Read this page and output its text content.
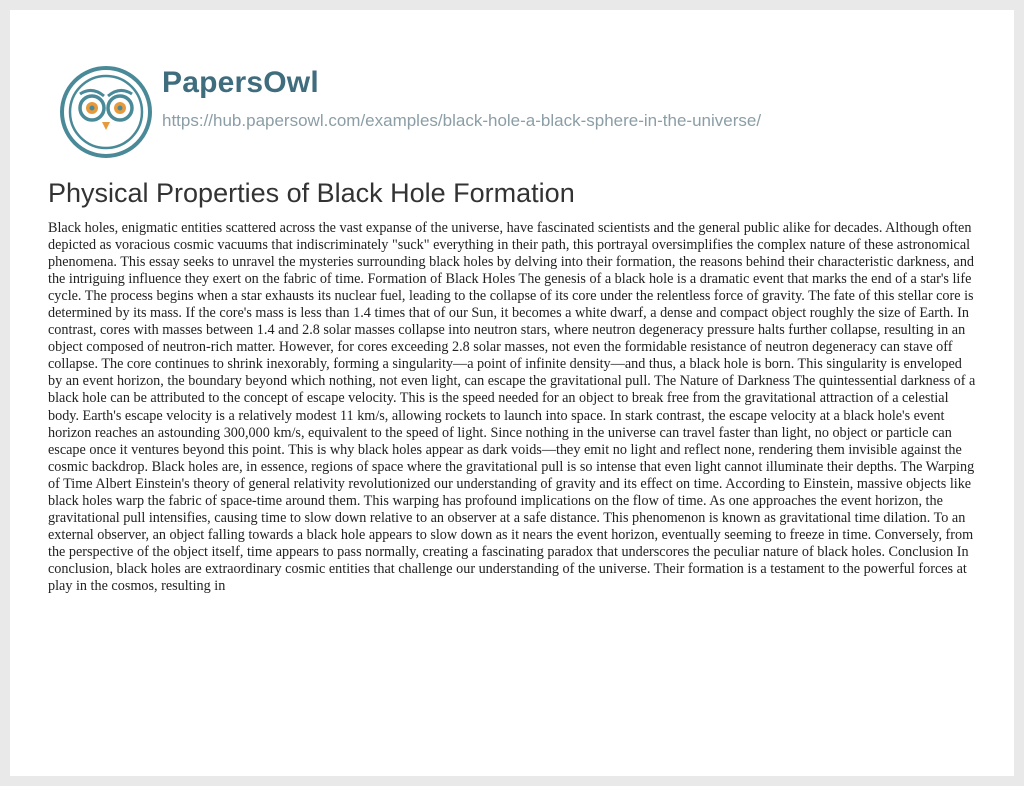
PapersOwl
https://hub.papersowl.com/examples/black-hole-a-black-sphere-in-the-universe/
Physical Properties of Black Hole Formation

Black holes, enigmatic entities scattered across the vast expanse of the universe, have fascinated scientists and the general public alike for decades. Although often depicted as voracious cosmic vacuums that indiscriminately "suck" everything in their path, this portrayal oversimplifies the complex nature of these astronomical phenomena. This essay seeks to unravel the mysteries surrounding black holes by delving into their formation, the reasons behind their characteristic darkness, and the intriguing influence they exert on the fabric of time. Formation of Black Holes The genesis of a black hole is a dramatic event that marks the end of a star's life cycle. The process begins when a star exhausts its nuclear fuel, leading to the collapse of its core under the relentless force of gravity. The fate of this stellar core is determined by its mass. If the core's mass is less than 1.4 times that of our Sun, it becomes a white dwarf, a dense and compact object roughly the size of Earth. In contrast, cores with masses between 1.4 and 2.8 solar masses collapse into neutron stars, where neutron degeneracy pressure halts further collapse, resulting in an object composed of neutron-rich matter. However, for cores exceeding 2.8 solar masses, not even the formidable resistance of neutron degeneracy can stave off collapse. The core continues to shrink inexorably, forming a singularity—a point of infinite density—and thus, a black hole is born. This singularity is enveloped by an event horizon, the boundary beyond which nothing, not even light, can escape the gravitational pull. The Nature of Darkness The quintessential darkness of a black hole can be attributed to the concept of escape velocity. This is the speed needed for an object to break free from the gravitational attraction of a celestial body. Earth's escape velocity is a relatively modest 11 km/s, allowing rockets to launch into space. In stark contrast, the escape velocity at a black hole's event horizon reaches an astounding 300,000 km/s, equivalent to the speed of light. Since nothing in the universe can travel faster than light, no object or particle can escape once it ventures beyond this point. This is why black holes appear as dark voids—they emit no light and reflect none, rendering them invisible against the cosmic backdrop. Black holes are, in essence, regions of space where the gravitational pull is so intense that even light cannot illuminate their depths. The Warping of Time Albert Einstein's theory of general relativity revolutionized our understanding of gravity and its effect on time. According to Einstein, massive objects like black holes warp the fabric of space-time around them. This warping has profound implications on the flow of time. As one approaches the event horizon, the gravitational pull intensifies, causing time to slow down relative to an observer at a safe distance. This phenomenon is known as gravitational time dilation. To an external observer, an object falling towards a black hole appears to slow down as it nears the event horizon, eventually seeming to freeze in time. Conversely, from the perspective of the object itself, time appears to pass normally, creating a fascinating paradox that underscores the peculiar nature of black holes. Conclusion In conclusion, black holes are extraordinary cosmic entities that challenge our understanding of the universe. Their formation is a testament to the powerful forces at play in the cosmos, resulting in
